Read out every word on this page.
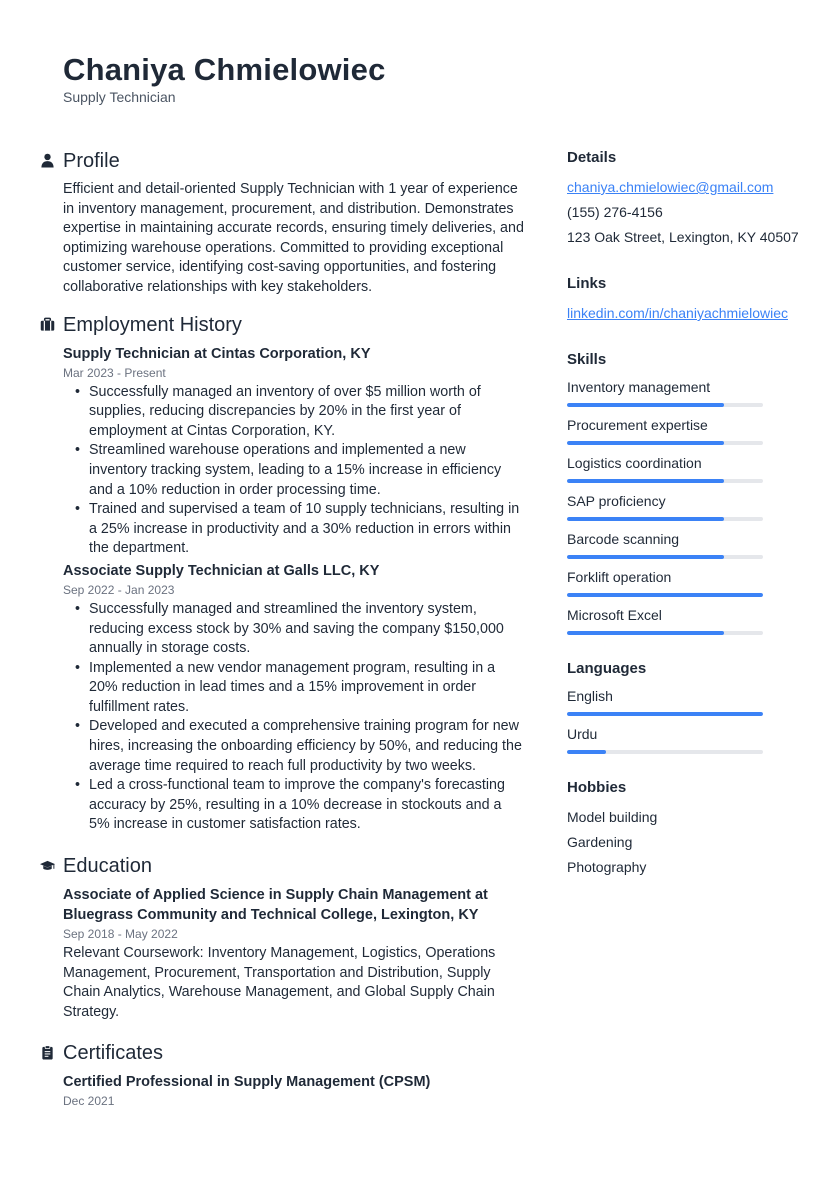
Chaniya Chmielowiec
Supply Technician
Profile
Efficient and detail-oriented Supply Technician with 1 year of experience in inventory management, procurement, and distribution. Demonstrates expertise in maintaining accurate records, ensuring timely deliveries, and optimizing warehouse operations. Committed to providing exceptional customer service, identifying cost-saving opportunities, and fostering collaborative relationships with key stakeholders.
Employment History
Supply Technician at Cintas Corporation, KY
Mar 2023 - Present
• Successfully managed an inventory of over $5 million worth of supplies, reducing discrepancies by 20% in the first year of employment at Cintas Corporation, KY.
• Streamlined warehouse operations and implemented a new inventory tracking system, leading to a 15% increase in efficiency and a 10% reduction in order processing time.
• Trained and supervised a team of 10 supply technicians, resulting in a 25% increase in productivity and a 30% reduction in errors within the department.
Associate Supply Technician at Galls LLC, KY
Sep 2022 - Jan 2023
• Successfully managed and streamlined the inventory system, reducing excess stock by 30% and saving the company $150,000 annually in storage costs.
• Implemented a new vendor management program, resulting in a 20% reduction in lead times and a 15% improvement in order fulfillment rates.
• Developed and executed a comprehensive training program for new hires, increasing the onboarding efficiency by 50%, and reducing the average time required to reach full productivity by two weeks.
• Led a cross-functional team to improve the company's forecasting accuracy by 25%, resulting in a 10% decrease in stockouts and a 5% increase in customer satisfaction rates.
Education
Associate of Applied Science in Supply Chain Management at Bluegrass Community and Technical College, Lexington, KY
Sep 2018 - May 2022
Relevant Coursework: Inventory Management, Logistics, Operations Management, Procurement, Transportation and Distribution, Supply Chain Analytics, Warehouse Management, and Global Supply Chain Strategy.
Certificates
Certified Professional in Supply Management (CPSM)
Dec 2021
Details
chaniya.chmielowiec@gmail.com
(155) 276-4156
123 Oak Street, Lexington, KY 40507
Links
linkedin.com/in/chaniyachmielowiec
Skills
Inventory management
Procurement expertise
Logistics coordination
SAP proficiency
Barcode scanning
Forklift operation
Microsoft Excel
Languages
English
Urdu
Hobbies
Model building
Gardening
Photography
